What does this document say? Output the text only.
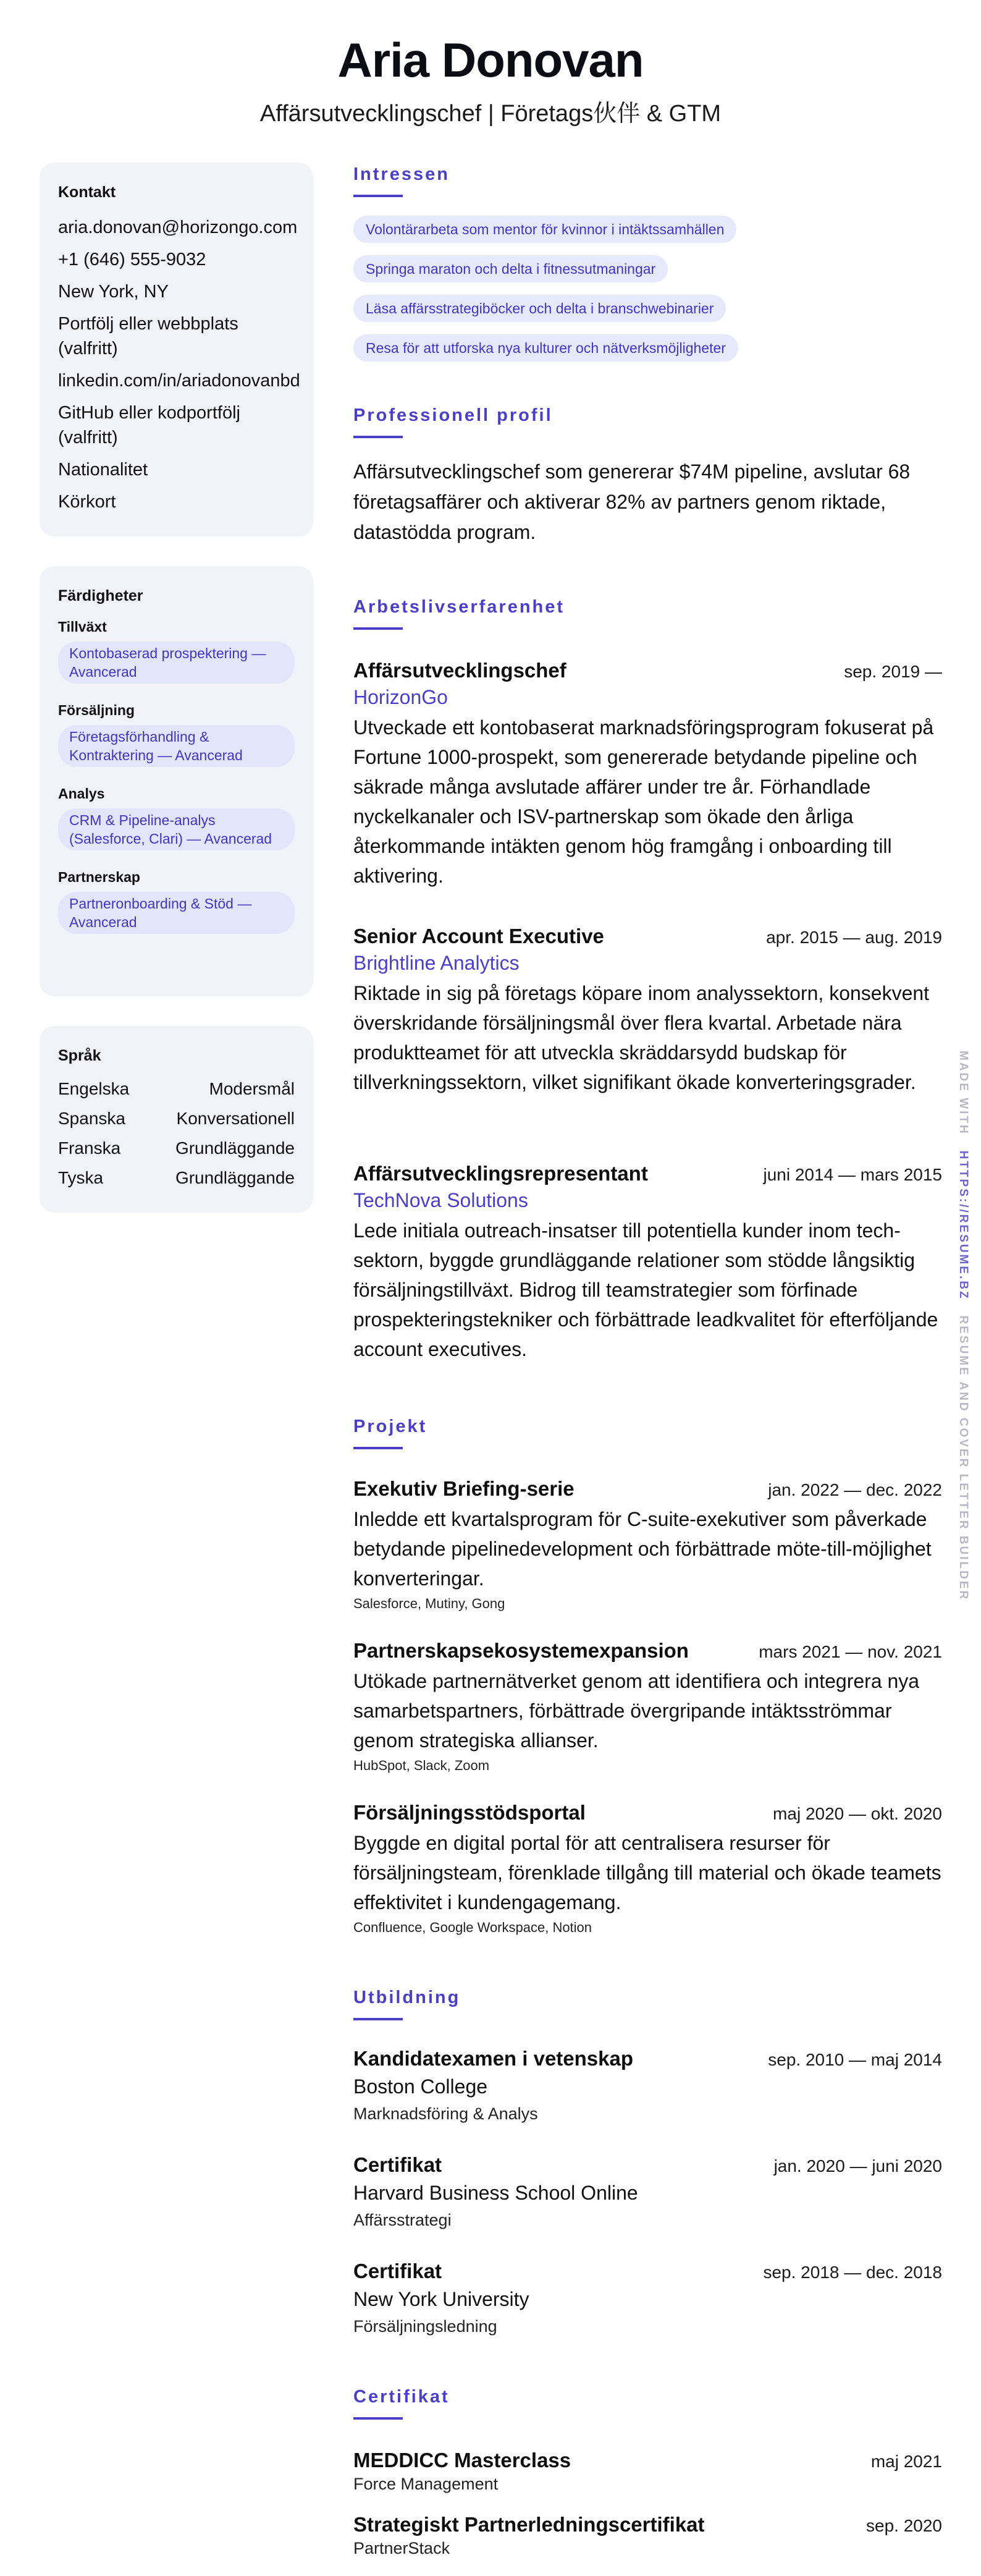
Aria Donovan
Affärsutvecklingschef | Företags伙伴 & GTM
Kontakt
aria.donovan@horizongo.com
+1 (646) 555-9032
New York, NY
Portfölj eller webbplats (valfritt)
linkedin.com/in/ariadonovanbd
GitHub eller kodportfölj (valfritt)
Nationalitet
Körkort
Färdigheter
Tillväxt
Kontobaserad prospektering — Avancerad
Försäljning
Företagsförhandling & Kontraktering — Avancerad
Analys
CRM & Pipeline-analys (Salesforce, Clari) — Avancerad
Partnerskap
Partneronboarding & Stöd — Avancerad
Språk
Engelska	Modersmål
Spanska	Konversationell
Franska	Grundläggande
Tyska	Grundläggande
Intressen
Volontärarbeta som mentor för kvinnor i intäktssamhällen
Springa maraton och delta i fitnessutmaningar
Läsa affärsstrategiböcker och delta i branschwebinarier
Resa för att utforska nya kulturer och nätverksmöjligheter
Professionell profil
Affärsutvecklingschef som genererar $74M pipeline, avslutar 68 företagsaffärer och aktiverar 82% av partners genom riktade, datastödda program.
Arbetslivserfarenhet
Affärsutvecklingschef	sep. 2019 —
HorizonGo
Utveckade ett kontobaserat marknadsföringsprogram fokuserat på Fortune 1000-prospekt, som genererade betydande pipeline och säkrade många avslutade affärer under tre år. Förhandlade nyckelkanaler och ISV-partnerskap som ökade den årliga återkommande intäkten genom hög framgång i onboarding till aktivering.
Senior Account Executive	apr. 2015 — aug. 2019
Brightline Analytics
Riktade in sig på företags köpare inom analyssektorn, konsekvent överskridande försäljningsmål över flera kvartal. Arbetade nära produktteamet för att utveckla skräddarsydd budskap för tillverkningssektorn, vilket signifikant ökade konverteringsgrader.
Affärsutvecklingsrepresentant	juni 2014 — mars 2015
TechNova Solutions
Lede initiala outreach-insatser till potentiella kunder inom tech-sektorn, byggde grundläggande relationer som stödde långsiktig försäljningstillväxt. Bidrog till teamstrategier som förfinade prospekteringstekniker och förbättrade leadkvalitet för efterföljande account executives.
Projekt
Exekutiv Briefing-serie	jan. 2022 — dec. 2022
Inledde ett kvartalsprogram för C-suite-exekutiver som påverkade betydande pipelinedevelopment och förbättrade möte-till-möjlighet konverteringar.
Salesforce, Mutiny, Gong
Partnerskapsekosystemexpansion	mars 2021 — nov. 2021
Utökade partnernätverket genom att identifiera och integrera nya samarbetspartners, förbättrade övergripande intäktsströmmar genom strategiska allianser.
HubSpot, Slack, Zoom
Försäljningsstödsportal	maj 2020 — okt. 2020
Byggde en digital portal för att centralisera resurser för försäljningsteam, förenklade tillgång till material och ökade teamets effektivitet i kundengagemang.
Confluence, Google Workspace, Notion
Utbildning
Kandidatexamen i vetenskap	sep. 2010 — maj 2014
Boston College
Marknadsföring & Analys
Certifikat	jan. 2020 — juni 2020
Harvard Business School Online
Affärsstrategi
Certifikat	sep. 2018 — dec. 2018
New York University
Försäljningsledning
Certifikat
MEDDICC Masterclass	maj 2021
Force Management
Strategiskt Partnerledningscertifikat	sep. 2020
PartnerStack
MADE WITH   HTTPS://RESUME.BZ   RESUME AND COVER LETTER BUILDER
